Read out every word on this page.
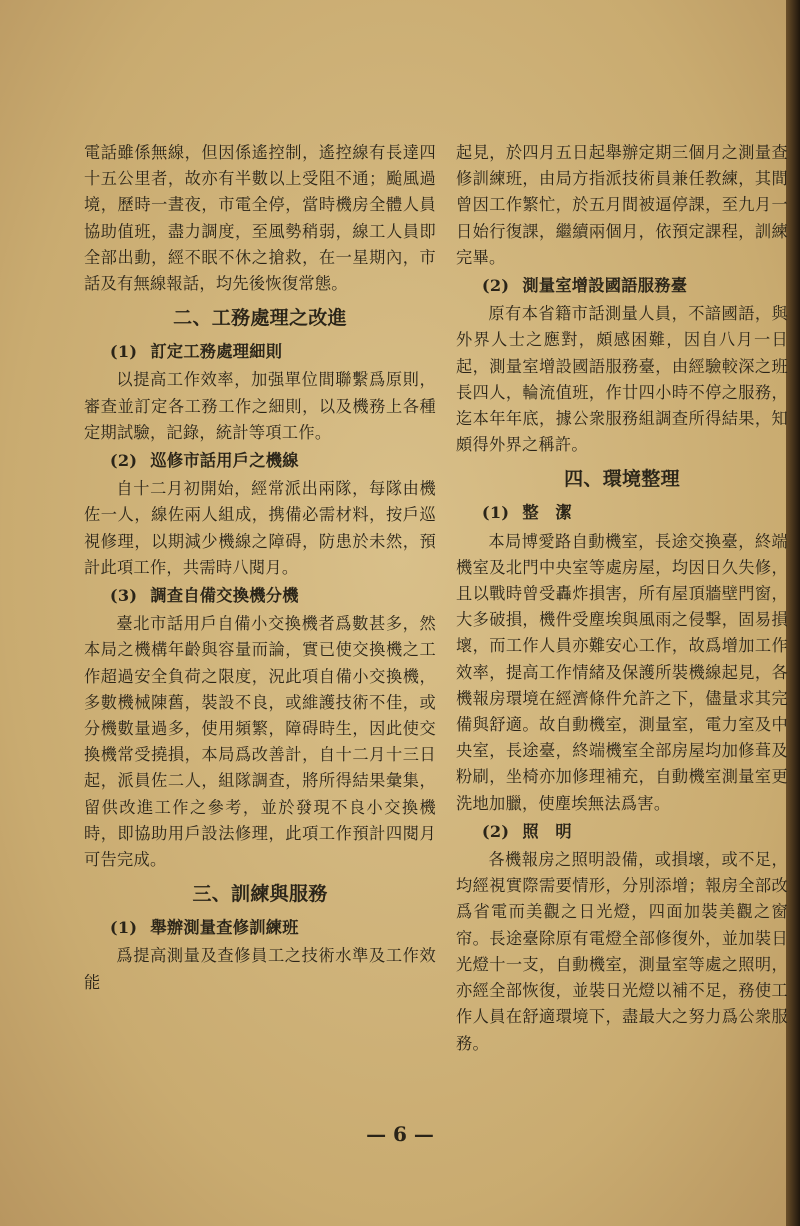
電話雖係無線，但因係遙控制，遙控線有長達四十五公里者，故亦有半數以上受阻不通；颱風過境，歷時一晝夜，市電全停，當時機房全體人員協助值班，盡力調度，至風勢稍弱，線工人員即全部出動，經不眠不休之搶救，在一星期內，市話及有無線報話，均先後恢復常態。

二、工務處理之改進
(1) 訂定工務處理細則

以提高工作效率，加强單位間聯繫爲原則，審查並訂定各工務工作之細則，以及機務上各種定期試驗，記錄，統計等項工作。

(2) 巡修市話用戶之機線

自十二月初開始，經常派出兩隊，每隊由機佐一人，線佐兩人組成，携備必需材料，按戶巡視修理，以期減少機線之障碍，防患於未然，預計此項工作，共需時八閱月。

(3) 調查自備交換機分機

臺北市話用戶自備小交換機者爲數甚多，然本局之機構年齡與容量而論，實已使交換機之工作超過安全負荷之限度，況此項自備小交換機，多數機械陳舊，裝設不良，或維護技術不佳，或分機數量過多，使用頻繁，障碍時生，因此使交換機常受撓損，本局爲改善計，自十二月十三日起，派員佐二人，組隊調查，將所得結果彙集，留供改進工作之參考，並於發現不良小交換機時，即協助用戶設法修理，此項工作預計四閱月可告完成。

三、訓練與服務
(1) 舉辦測量查修訓練班

爲提高測量及查修員工之技術水準及工作效能

起見，於四月五日起舉辦定期三個月之測量查修訓練班，由局方指派技術員兼任教練，其間曾因工作繁忙，於五月間被逼停課，至九月一日始行復課，繼續兩個月，依預定課程，訓練完畢。

(2) 測量室增設國語服務臺

原有本省籍市話測量人員，不諳國語，與外界人士之應對，頗感困難，因自八月一日起，測量室增設國語服務臺，由經驗較深之班長四人，輪流值班，作廿四小時不停之服務，迄本年年底，據公衆服務組調查所得結果，知頗得外界之稱許。

四、環境整理
(1) 整　潔

本局博愛路自動機室，長途交換臺，終端機室及北門中央室等處房屋，均因日久失修，且以戰時曾受轟炸損害，所有屋頂牆壁門窗，大多破損，機件受塵埃與風雨之侵擊，固易損壞，而工作人員亦難安心工作，故爲增加工作效率，提高工作情緒及保護所裝機線起見，各機報房環境在經濟條件允許之下，儘量求其完備與舒適。故自動機室，測量室，電力室及中央室，長途臺，終端機室全部房屋均加修葺及粉刷，坐椅亦加修理補充，自動機室測量室更洗地加臘，使塵埃無法爲害。

(2) 照　明

各機報房之照明設備，或損壞，或不足，均經視實際需要情形，分別添增；報房全部改爲省電而美觀之日光燈，四面加裝美觀之窗帘。長途臺除原有電燈全部修復外，並加裝日光燈十一支，自動機室，測量室等處之照明，亦經全部恢復，並裝日光燈以補不足，務使工作人員在舒適環境下，盡最大之努力爲公衆服務。

— 6 —
